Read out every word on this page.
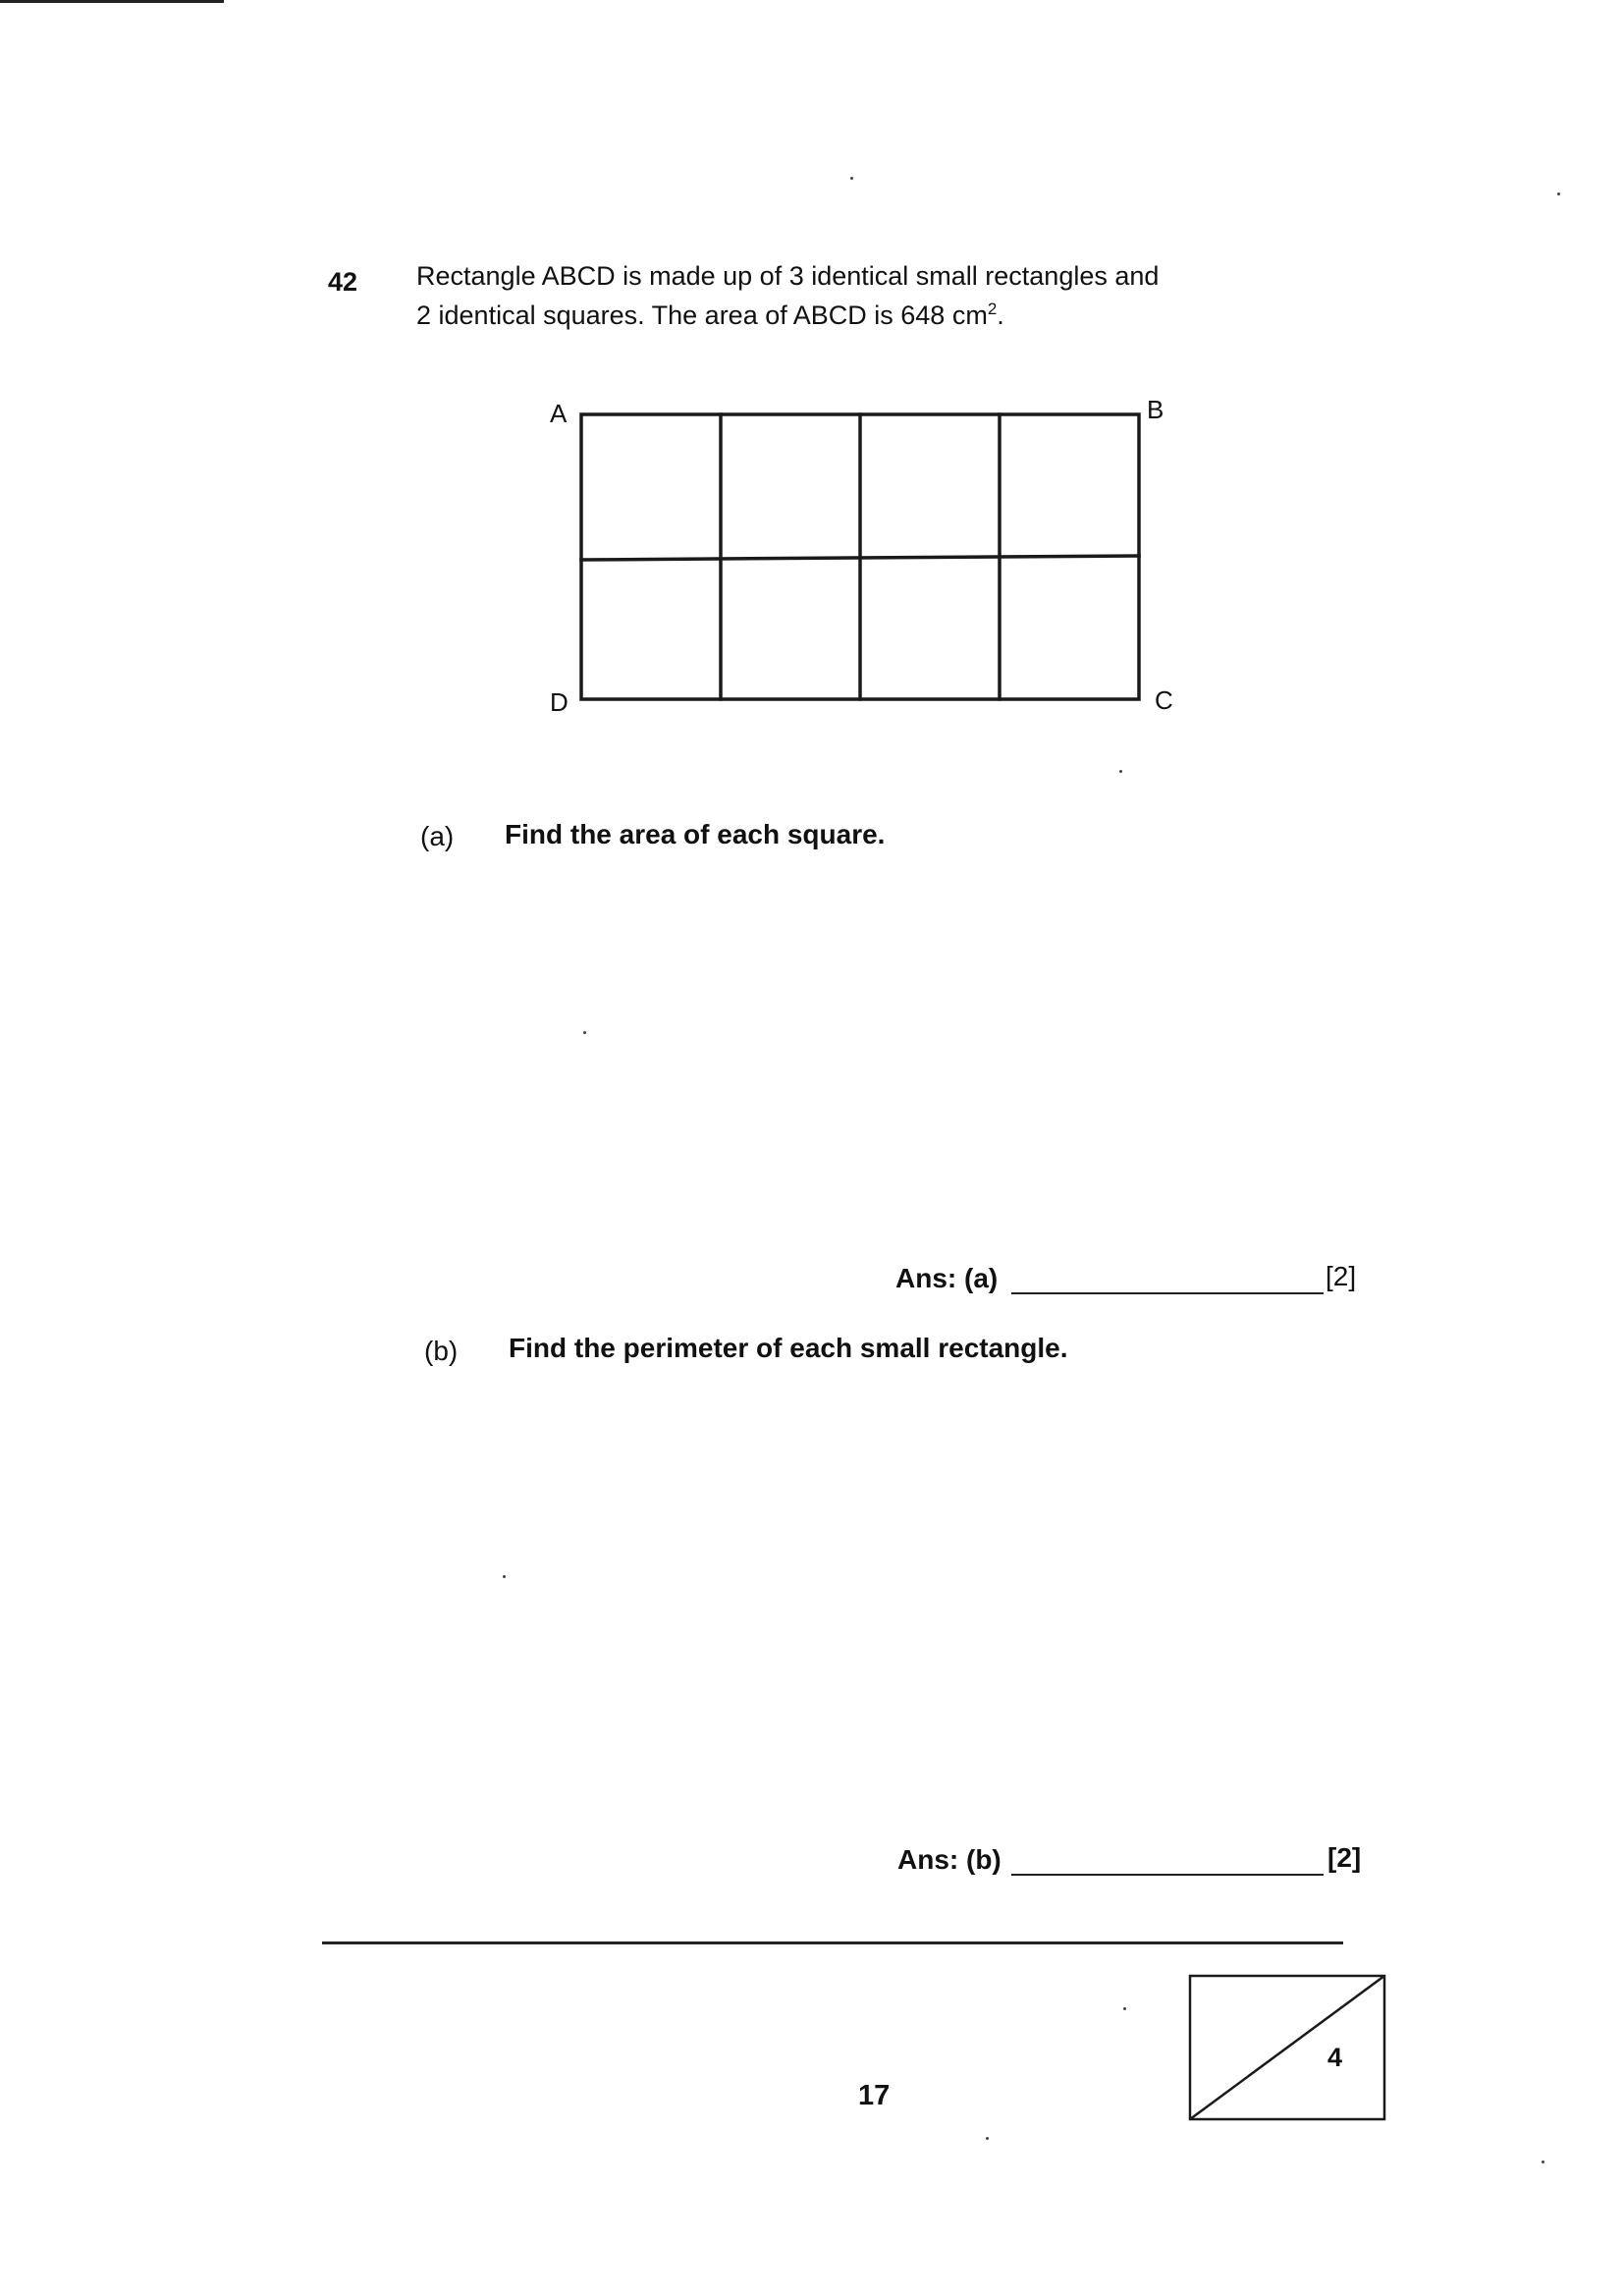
42 Rectangle ABCD is made up of 3 identical small rectangles and
2 identical squares. The area of ABCD is 648 $cm^2$.
A	B
C
D
(a) Find the area of each square.
Ans: (a)	[2]
(b) Find the perimeter of each small rectangle.
Ans: (b)	[2]
17
4
